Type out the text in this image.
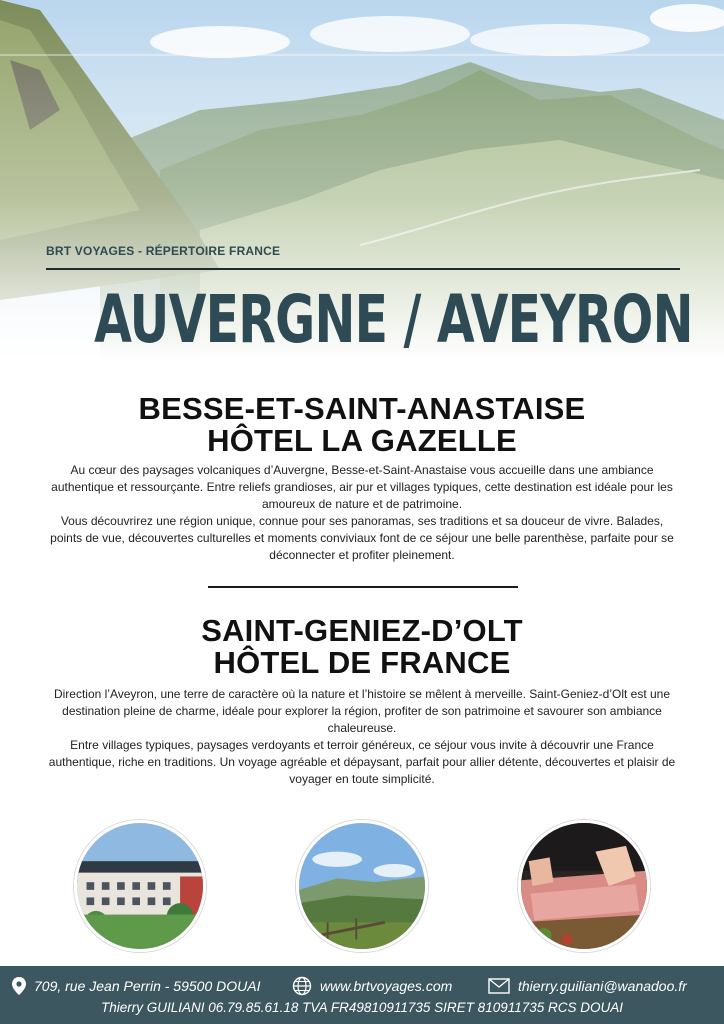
BRT VOYAGES - RÉPERTOIRE FRANCE
AUVERGNE / AVEYRON
BESSE-ET-SAINT-ANASTAISE
HÔTEL LA GAZELLE

Au cœur des paysages volcaniques d’Auvergne, Besse-et-Saint-Anastaise vous accueille dans une ambiance authentique et ressourçante. Entre reliefs grandioses, air pur et villages typiques, cette destination est idéale pour les amoureux de nature et de patrimoine.

Vous découvrirez une région unique, connue pour ses panoramas, ses traditions et sa douceur de vivre. Balades, points de vue, découvertes culturelles et moments conviviaux font de ce séjour une belle parenthèse, parfaite pour se déconnecter et profiter pleinement.

SAINT-GENIEZ-D’OLT
HÔTEL DE FRANCE

Direction l’Aveyron, une terre de caractère où la nature et l’histoire se mêlent à merveille. Saint-Geniez-d’Olt est une destination pleine de charme, idéale pour explorer la région, profiter de son patrimoine et savourer son ambiance chaleureuse.

Entre villages typiques, paysages verdoyants et terroir généreux, ce séjour vous invite à découvrir une France authentique, riche en traditions. Un voyage agréable et dépaysant, parfait pour allier détente, découvertes et plaisir de voyager en toute simplicité.

709, rue Jean Perrin - 59500 DOUAI	www.brtvoyages.com	thierry.guiliani@wanadoo.fr
Thierry GUILIANI 06.79.85.61.18 TVA FR49810911735 SIRET 810911735 RCS DOUAI
